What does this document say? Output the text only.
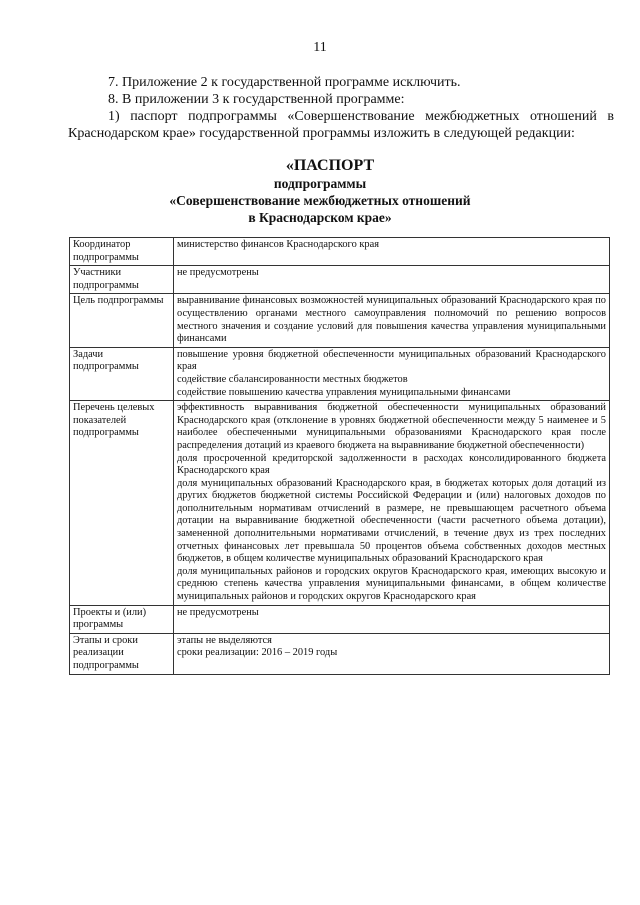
11

7. Приложение 2 к государственной программе исключить.

8. В приложении 3 к государственной программе:

1) паспорт подпрограммы «Совершенствование межбюджетных отношений в Краснодарском крае» государственной программы изложить в следующей редакции:

«ПАСПОРТ
подпрограммы
«Совершенствование межбюджетных отношений
в Краснодарском крае»
Координатор подпрограммы	министерство финансов Краснодарского края

Участники подпрограммы	не предусмотрены

Цель подпрограммы	выравнивание финансовых возможностей муниципальных образований Краснодарского края по осуществлению органами местного самоуправления полномочий по решению вопросов местного значения и создание условий для повышения качества управления муниципальными финансами

Задачи подпрограммы	повышение уровня бюджетной обеспеченности муниципальных образований Краснодарского края
содействие сбалансированности местных бюджетов
содействие повышению качества управления муниципальными финансами

Перечень целевых показателей подпрограммы	эффективность выравнивания бюджетной обеспеченности муниципальных образований Краснодарского края (отклонение в уровнях бюджетной обеспеченности между 5 наименее и 5 наиболее обеспеченными муниципальными образованиями Краснодарского края после распределения дотаций из краевого бюджета на выравнивание бюджетной обеспеченности)
доля просроченной кредиторской задолженности в расходах консолидированного бюджета Краснодарского края
доля муниципальных образований Краснодарского края, в бюджетах которых доля дотаций из других бюджетов бюджетной системы Российской Федерации и (или) налоговых доходов по дополнительным нормативам отчислений в размере, не превышающем расчетного объема дотации на выравнивание бюджетной обеспеченности (части расчетного объема дотации), замененной дополнительными нормативами отчислений, в течение двух из трех последних отчетных финансовых лет превышала 50 процентов объема собственных доходов местных бюджетов, в общем количестве муниципальных образований Краснодарского края
доля муниципальных районов и городских округов Краснодарского края, имеющих высокую и среднюю степень качества управления муниципальными финансами, в общем количестве муниципальных районов и городских округов Краснодарского края

Проекты и (или) программы	не предусмотрены

Этапы и сроки реализации подпрограммы	этапы не выделяются
сроки реализации: 2016 – 2019 годы
